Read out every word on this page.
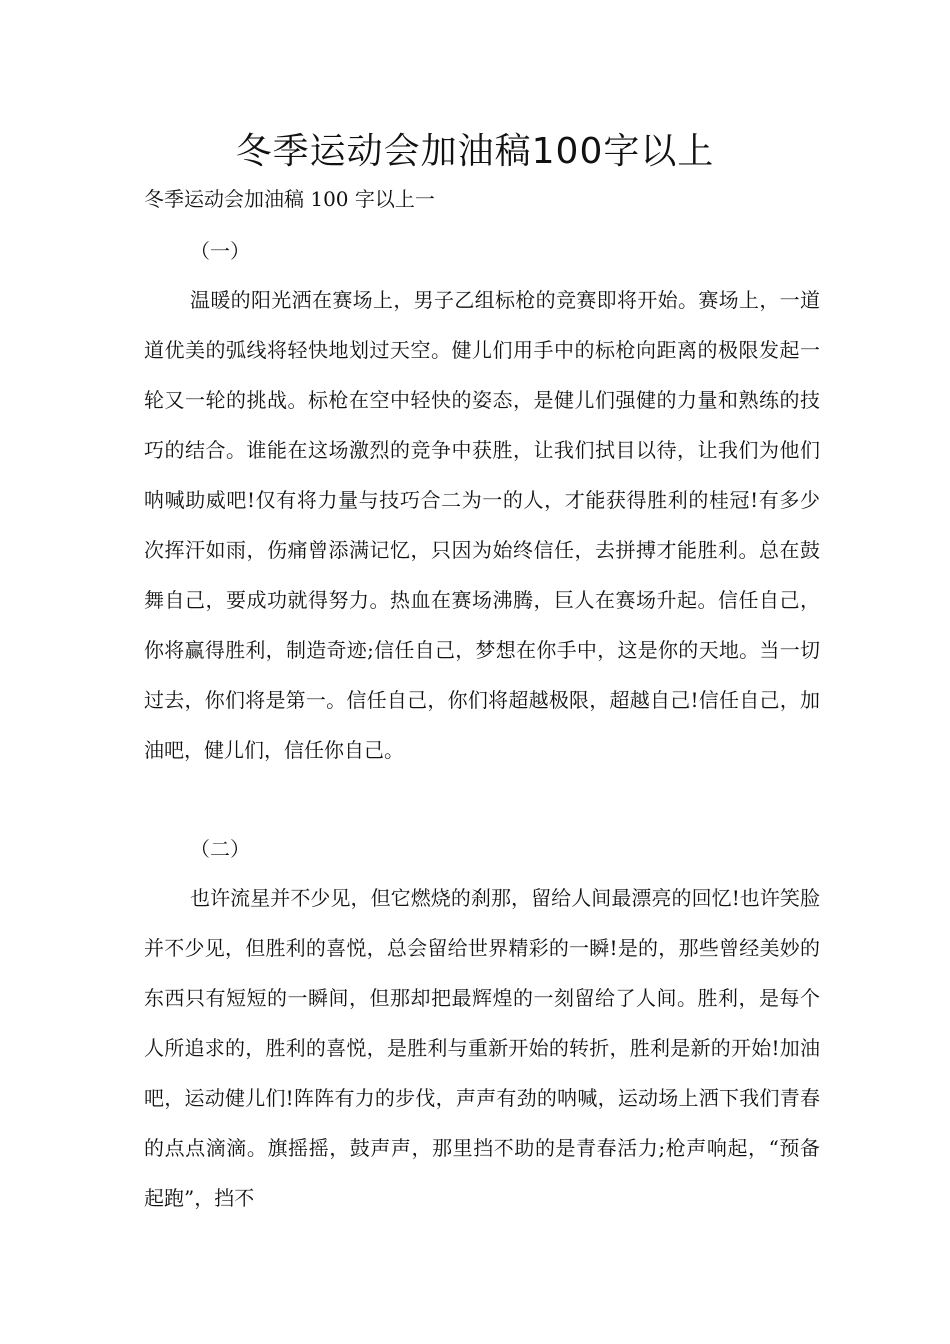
冬季运动会加油稿100字以上

冬季运动会加油稿 100 字以上一

（一）

温暖的阳光洒在赛场上，男子乙组标枪的竞赛即将开始。赛场上，一道道优美的弧线将轻快地划过天空。健儿们用手中的标枪向距离的极限发起一轮又一轮的挑战。标枪在空中轻快的姿态，是健儿们强健的力量和熟练的技巧的结合。谁能在这场激烈的竞争中获胜，让我们拭目以待，让我们为他们呐喊助威吧!仅有将力量与技巧合二为一的人，才能获得胜利的桂冠!有多少次挥汗如雨，伤痛曾添满记忆，只因为始终信任，去拼搏才能胜利。总在鼓舞自己，要成功就得努力。热血在赛场沸腾，巨人在赛场升起。信任自己，你将赢得胜利，制造奇迹;信任自己，梦想在你手中，这是你的天地。当一切过去，你们将是第一。信任自己，你们将超越极限，超越自己!信任自己，加油吧，健儿们，信任你自己。

（二）

也许流星并不少见，但它燃烧的刹那，留给人间最漂亮的回忆!也许笑脸并不少见，但胜利的喜悦，总会留给世界精彩的一瞬!是的，那些曾经美妙的东西只有短短的一瞬间，但那却把最辉煌的一刻留给了人间。胜利，是每个人所追求的，胜利的喜悦，是胜利与重新开始的转折，胜利是新的开始!加油吧，运动健儿们!阵阵有力的步伐，声声有劲的呐喊，运动场上洒下我们青春的点点滴滴。旗摇摇，鼓声声，那里挡不助的是青春活力;枪声响起，“预备起跑”，挡不
